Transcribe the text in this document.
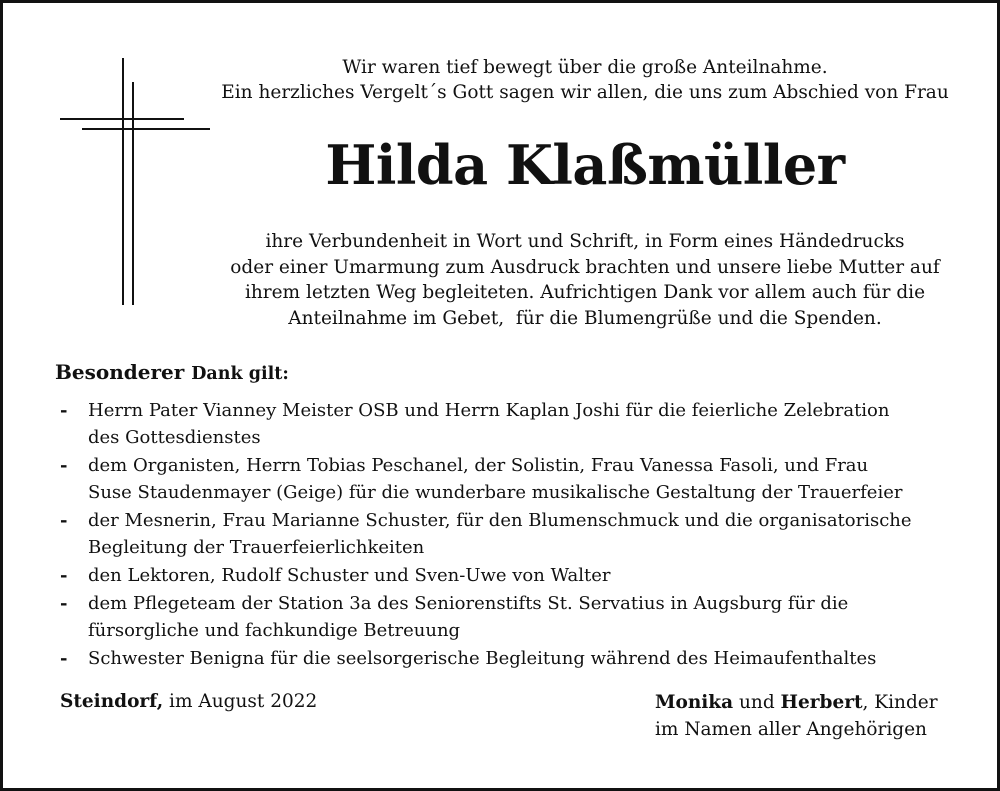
Wir waren tief bewegt über die große Anteilnahme.
Ein herzliches Vergelt´s Gott sagen wir allen, die uns zum Abschied von Frau
Hilda Klaßmüller
ihre Verbundenheit in Wort und Schrift, in Form eines Händedrucks
oder einer Umarmung zum Ausdruck brachten und unsere liebe Mutter auf
ihrem letzten Weg begleiteten. Aufrichtigen Dank vor allem auch für die
Anteilnahme im Gebet,  für die Blumengrüße und die Spenden.
Besonderer Dank gilt:
-	Herrn Pater Vianney Meister OSB und Herrn Kaplan Joshi für die feierliche Zelebration
des Gottesdienstes
-	dem Organisten, Herrn Tobias Peschanel, der Solistin, Frau Vanessa Fasoli, und Frau
Suse Staudenmayer (Geige) für die wunderbare musikalische Gestaltung der Trauerfeier
-	der Mesnerin, Frau Marianne Schuster, für den Blumenschmuck und die organisatorische
Begleitung der Trauerfeierlichkeiten
-	den Lektoren, Rudolf Schuster und Sven-Uwe von Walter
-	dem Pflegeteam der Station 3a des Seniorenstifts St. Servatius in Augsburg für die
fürsorgliche und fachkundige Betreuung
-	Schwester Benigna für die seelsorgerische Begleitung während des Heimaufenthaltes
Steindorf, im August 2022	Monika und Herbert, Kinder
im Namen aller Angehörigen
